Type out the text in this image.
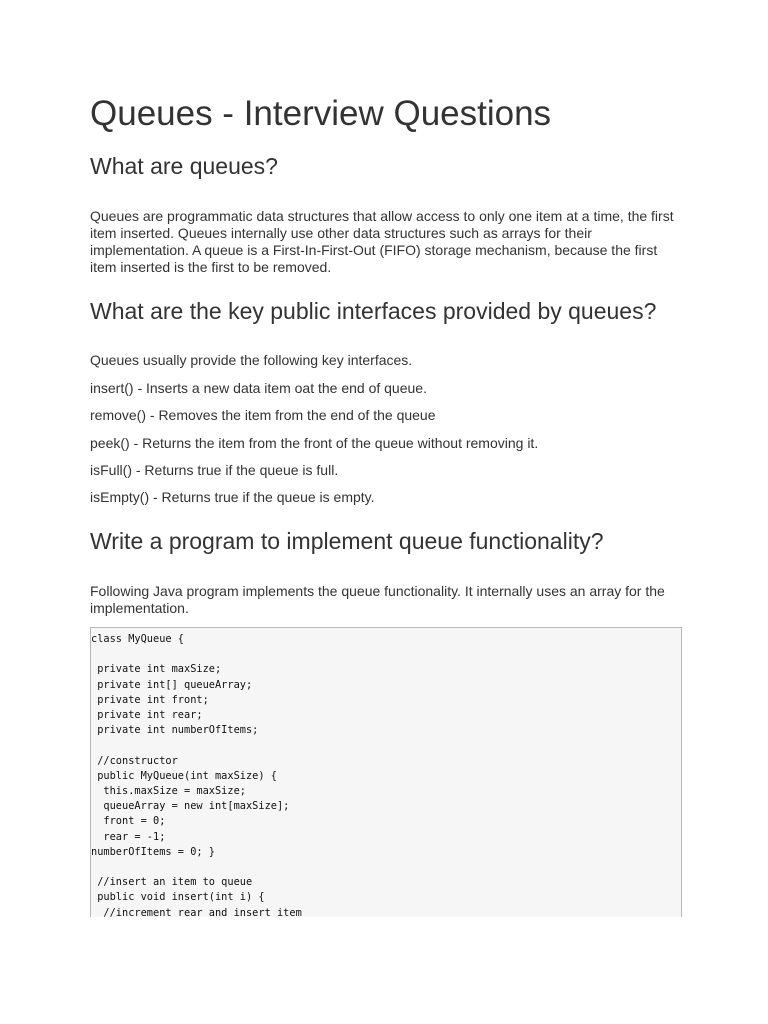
Queues - Interview Questions
What are queues?

Queues are programmatic data structures that allow access to only one item at a time, the first item inserted. Queues internally use other data structures such as arrays for their implementation. A queue is a First-In-First-Out (FIFO) storage mechanism, because the first item inserted is the first to be removed.

What are the key public interfaces provided by queues?

Queues usually provide the following key interfaces.

insert() - Inserts a new data item oat the end of queue.

remove() - Removes the item from the end of the queue

peek() - Returns the item from the front of the queue without removing it.

isFull() - Returns true if the queue is full.

isEmpty() - Returns true if the queue is empty.

Write a program to implement queue functionality?

Following Java program implements the queue functionality. It internally uses an array for the implementation.

class MyQueue {

private int maxSize;
private int[] queueArray;
private int front;
private int rear;
private int numberOfItems;

//constructor
public MyQueue(int maxSize) {
this.maxSize = maxSize;
queueArray = new int[maxSize];
front = 0;
rear = -1;
numberOfItems = 0; }

//insert an item to queue
public void insert(int i) {
//increment rear and insert item
